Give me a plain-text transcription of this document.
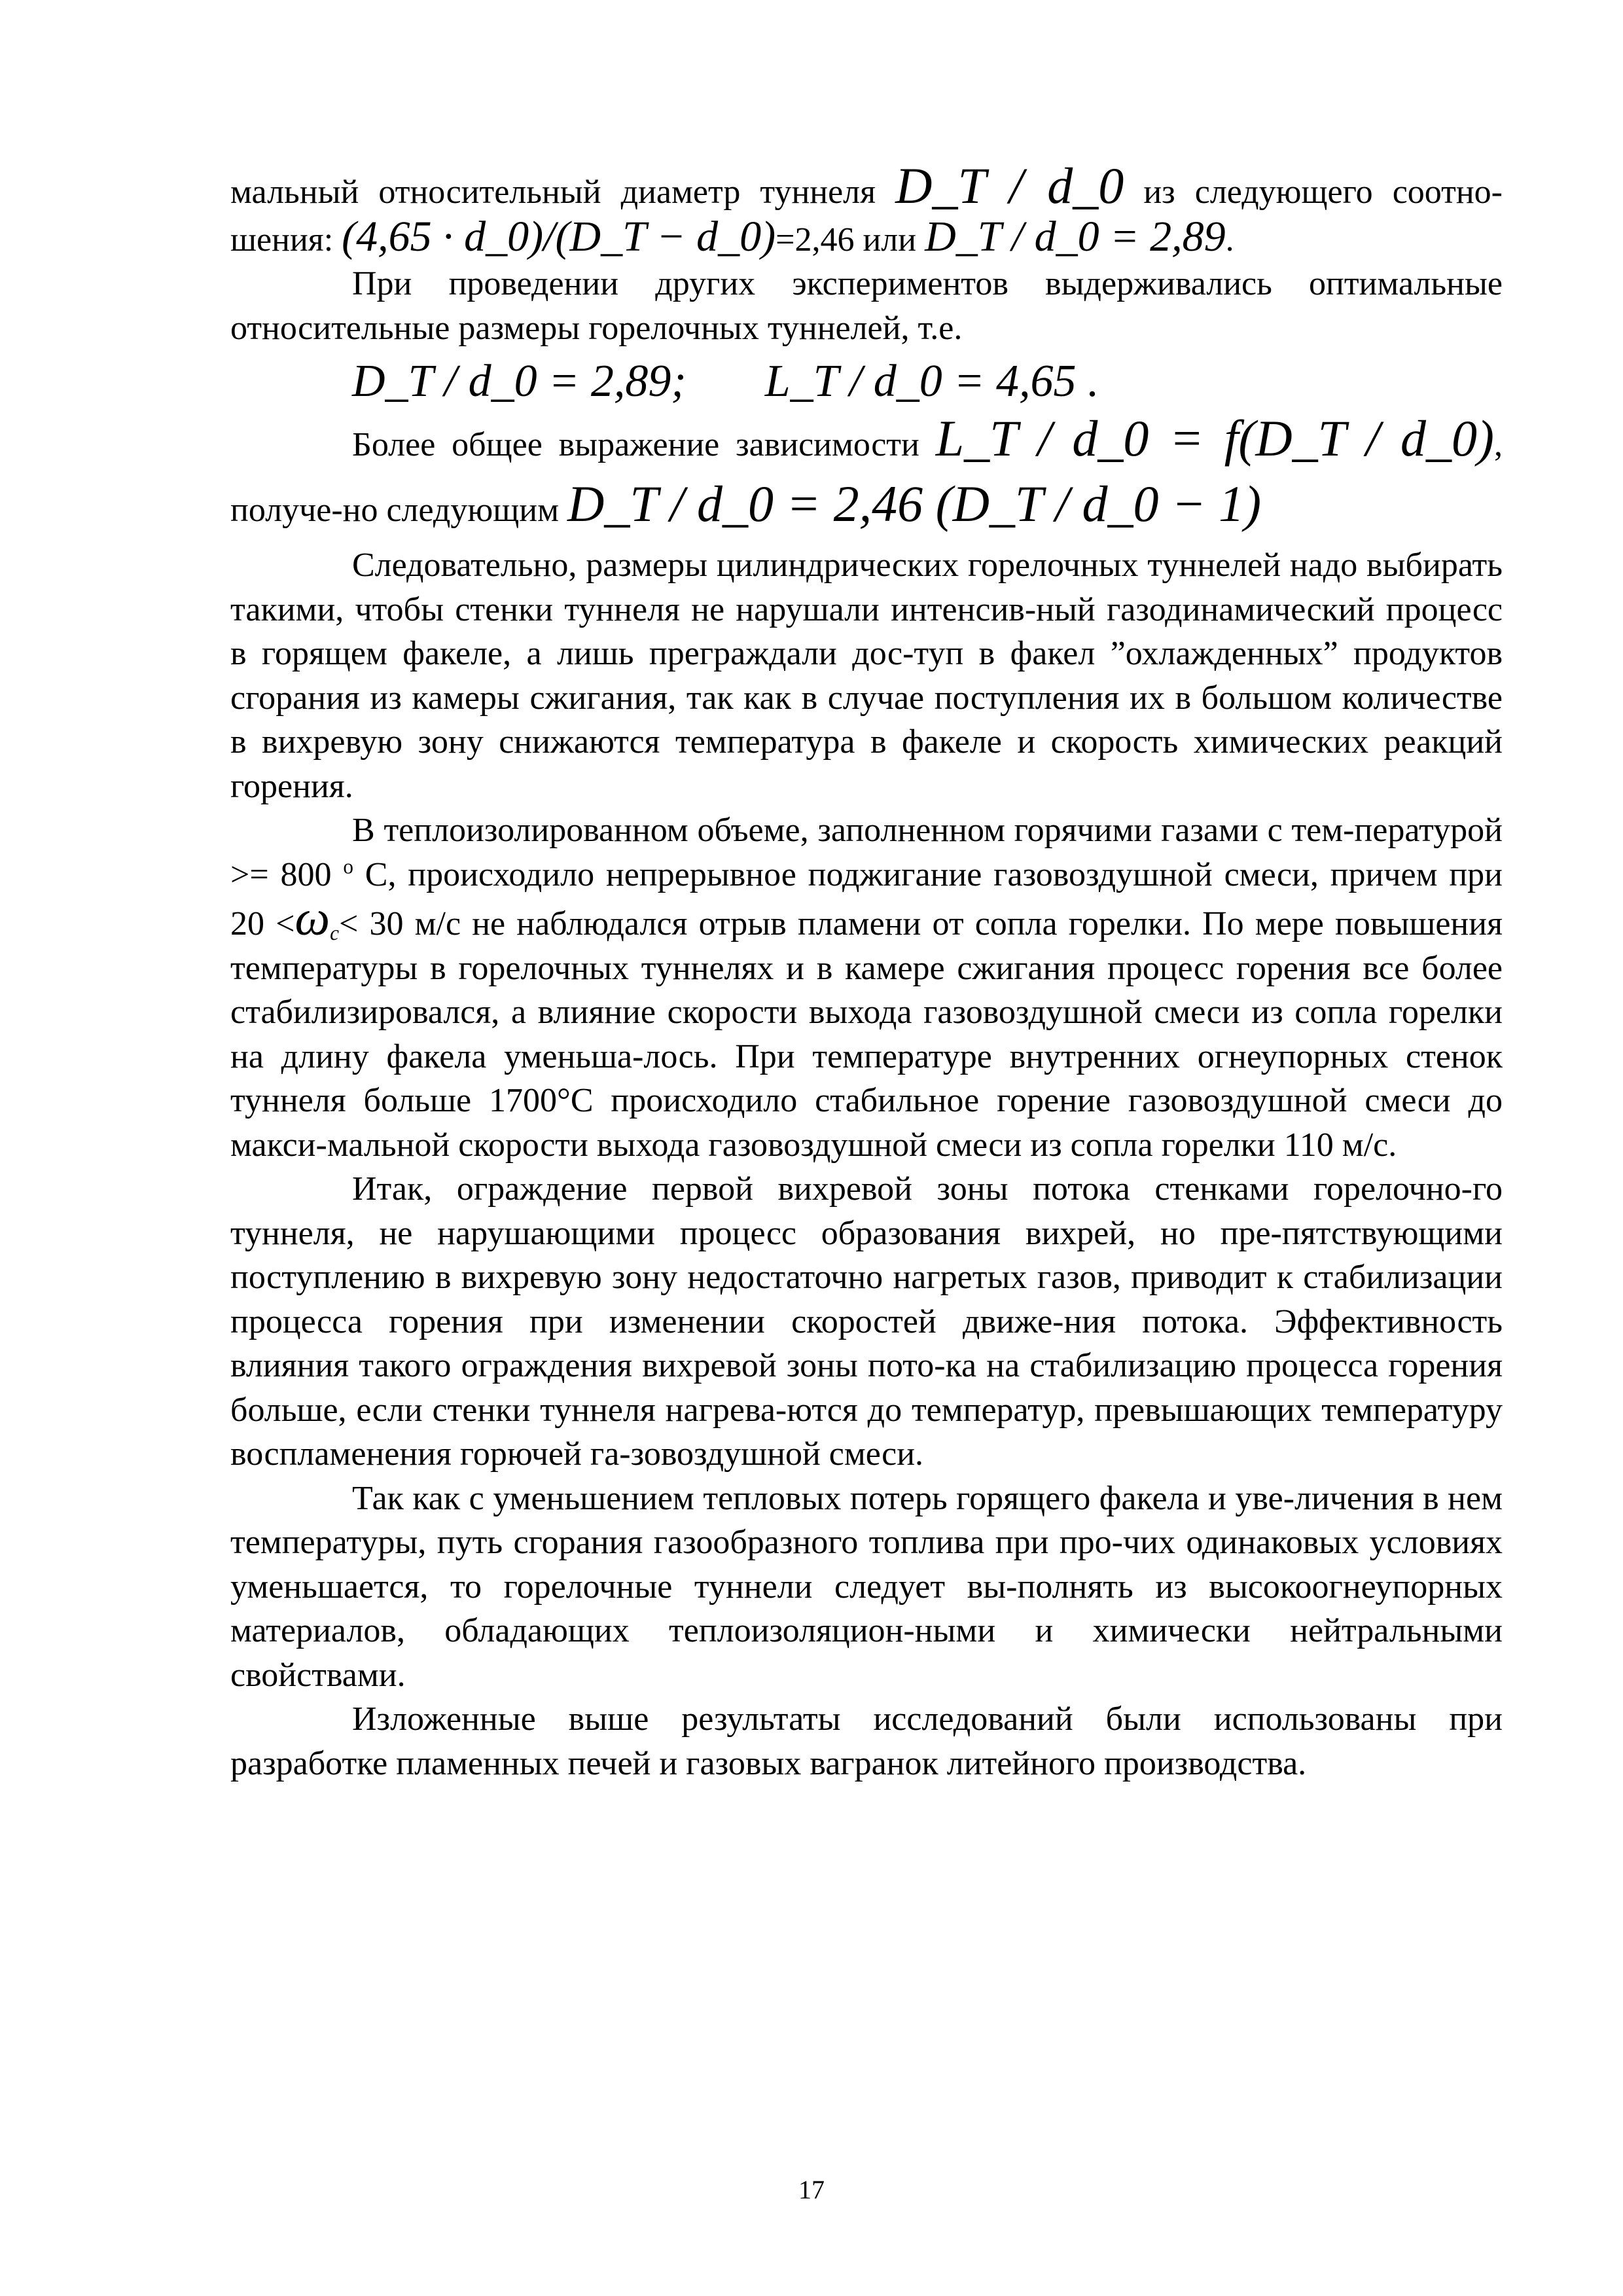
мальный относительный диаметр туннеля D_T / d_0 из следующего соотно-шения: (4,65 · d_0)/(D_T − d_0)=2,46 или D_T / d_0 = 2,89.

При проведении других экспериментов выдерживались оптимальные относительные размеры горелочных туннелей, т.е.

D_T / d_0 = 2,89; L_T / d_0 = 4,65 .

Более общее выражение зависимости L_T / d_0 = f(D_T / d_0), получе-но следующим D_T / d_0 = 2,46 (D_T / d_0 − 1)

Следовательно, размеры цилиндрических горелочных туннелей надо выбирать такими, чтобы стенки туннеля не нарушали интенсив-ный газодинамический процесс в горящем факеле, а лишь преграждали дос-туп в факел ”охлажденных” продуктов сгорания из камеры сжигания, так как в случае поступления их в большом количестве в вихревую зону снижаются температура в факеле и скорость химических реакций горения.

В теплоизолированном объеме, заполненном горячими газами с тем-пературой >= 800 $^o$ С, происходило непрерывное поджигание газовоздушной смеси, причем при $20 <\omega_c< 30$ м/с не наблюдался отрыв пламени от сопла горелки. По мере повышения температуры в горелочных туннелях и в камере сжигания процесс горения все более стабилизировался, а влияние скорости выхода газовоздушной смеси из сопла горелки на длину факела уменьша-лось. При температуре внутренних огнеупорных стенок туннеля больше 1700°С происходило стабильное горение газовоздушной смеси до макси-мальной скорости выхода газовоздушной смеси из сопла горелки 110 м/с.

Итак, ограждение первой вихревой зоны потока стенками горелочно-го туннеля, не нарушающими процесс образования вихрей, но пре-пятствующими поступлению в вихревую зону недостаточно нагретых газов, приводит к стабилизации процесса горения при изменении скоростей движе-ния потока. Эффективность влияния такого ограждения вихревой зоны пото-ка на стабилизацию процесса горения больше, если стенки туннеля нагрева-ются до температур, превышающих температуру воспламенения горючей га-зовоздушной смеси.

Так как с уменьшением тепловых потерь горящего факела и уве-личения в нем температуры, путь сгорания газообразного топлива при про-чих одинаковых условиях уменьшается, то горелочные туннели следует вы-полнять из высокоогнеупорных материалов, обладающих теплоизоляцион-ными и химически нейтральными свойствами.

Изложенные выше результаты исследований были использованы при разработке пламенных печей и газовых вагранок литейного производства.

17
